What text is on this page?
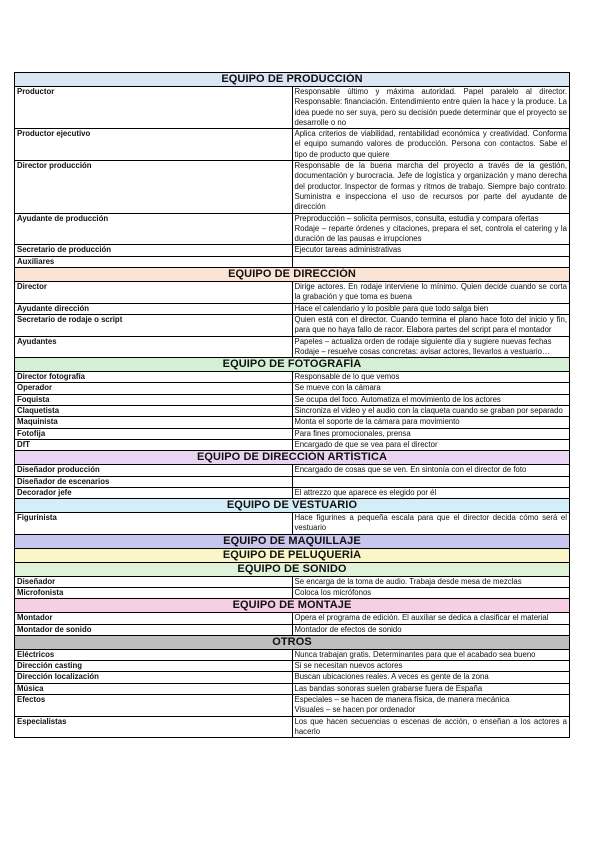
EQUIPO DE PRODUCCIÓN	
Productor	Responsable último y máxima autoridad. Papel paralelo al director. Responsable: financiación. Entendimiento entre quien la hace y la produce. La idea puede no ser suya, pero su decisión puede determinar que el proyecto se desarrolle o no

Productor ejecutivo	Aplica criterios de viabilidad, rentabilidad económica y creatividad. Conforma el equipo sumando valores de producción. Persona con contactos. Sabe el tipo de producto que quiere

Director producción	Responsable de la buena marcha del proyecto a través de la gestión, documentación y burocracia. Jefe de logística y organización y mano derecha del productor. Inspector de formas y ritmos de trabajo. Siempre bajo contrato. Suministra e inspecciona el uso de recursos por parte del ayudante de dirección

Ayudante de producción	Preproducción – solicita permisos, consulta, estudia y compara ofertas
Rodaje – reparte órdenes y citaciones, prepara el set, controla el catering y la duración de las pausas e irrupciones

Secretario de producción	Ejecutor tareas administrativas

Auxiliares	

EQUIPO DE DIRECCIÓN	
Director	Dirige actores. En rodaje interviene lo mínimo. Quien decide cuando se corta la grabación y que toma es buena

Ayudante dirección	Hace el calendario y lo posible para que todo salga bien

Secretario de rodaje o script	Quien está con el director. Cuando termina el plano hace foto del inicio y fin, para que no haya fallo de racor. Elabora partes del script para el montador

Ayudantes	Papeles – actualiza orden de rodaje siguiente día y sugiere nuevas fechas
Rodaje – resuelve cosas concretas: avisar actores, llevarlos a vestuario…

EQUIPO DE FOTOGRAFÍA	
Director fotografía	Responsable de lo que vemos

Operador	Se mueve con la cámara

Foquista	Se ocupa del foco. Automatiza el movimiento de los actores

Claquetista	Sincroniza el video y el audio con la claqueta cuando se graban por separado

Maquinista	Monta el soporte de la cámara para movimiento

Fotofija	Para fines promocionales, prensa

DfT	Encargado de que se vea para el director

EQUIPO DE DIRECCIÓN ARTÍSTICA	
Diseñador producción	Encargado de cosas que se ven. En sintonía con el director de foto

Diseñador de escenarios	

Decorador jefe	El attrezzo que aparece es elegido por él

EQUIPO DE VESTUARIO	
Figurinista	Hace figurines a pequeña escala para que el director decida cómo será el vestuario

EQUIPO DE MAQUILLAJE	
EQUIPO DE PELUQUERÍA	
EQUIPO DE SONIDO	
Diseñador	Se encarga de la toma de audio. Trabaja desde mesa de mezclas

Microfonista	Coloca los micrófonos

EQUIPO DE MONTAJE	
Montador	Opera el programa de edición. El auxiliar se dedica a clasificar el material

Montador de sonido	Montador de efectos de sonido

OTROS	
Eléctricos	Nunca trabajan gratis. Determinantes para que el acabado sea bueno

Dirección casting	Si se necesitan nuevos actores

Dirección localización	Buscan ubicaciones reales. A veces es gente de la zona

Música	Las bandas sonoras suelen grabarse fuera de España

Efectos	Especiales – se hacen de manera física, de manera mecánica
Visuales – se hacen por ordenador

Especialistas	Los que hacen secuencias o escenas de acción, o enseñan a los actores a hacerlo
